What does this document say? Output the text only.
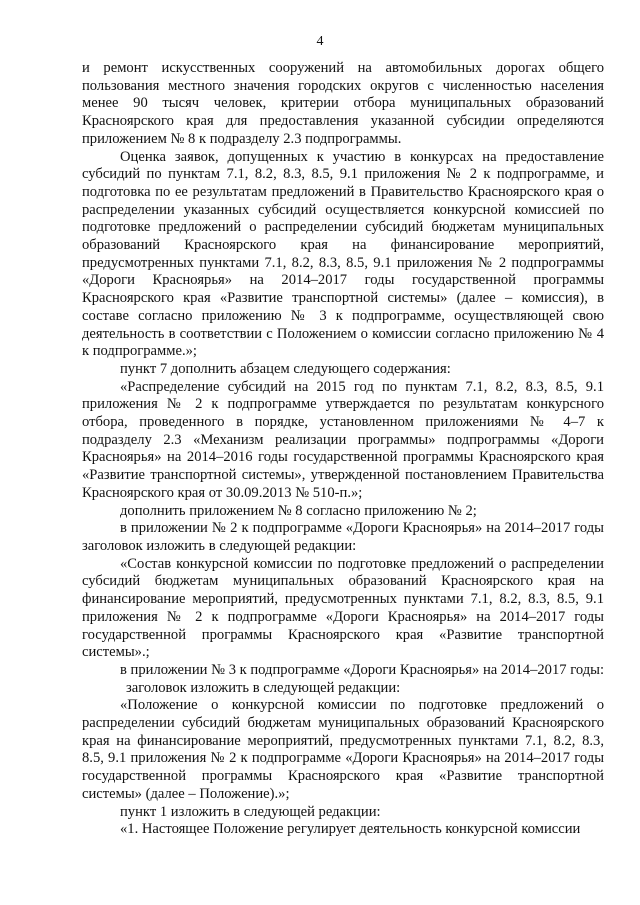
4

и ремонт искусственных сооружений на автомобильных дорогах общего пользования местного значения городских округов с численностью населения менее 90 тысяч человек, критерии отбора муниципальных образований Красноярского края для предоставления указанной субсидии определяются приложением № 8 к подразделу 2.3 подпрограммы.

Оценка заявок, допущенных к участию в конкурсах на предоставление субсидий по пунктам 7.1, 8.2, 8.3, 8.5, 9.1 приложения № 2 к подпрограмме, и подготовка по ее результатам предложений в Правительство Красноярского края о распределении указанных субсидий осуществляется конкурсной комиссией по подготовке предложений о распределении субсидий бюджетам муниципальных образований Красноярского края на финансирование мероприятий, предусмотренных пунктами 7.1, 8.2, 8.3, 8.5, 9.1 приложения № 2 подпрограммы «Дороги Красноярья» на 2014–2017 годы государственной программы Красноярского края «Развитие транспортной системы» (далее – комиссия), в составе согласно приложению № 3 к подпрограмме, осуществляющей свою деятельность в соответствии с Положением о комиссии согласно приложению № 4 к подпрограмме.»;

пункт 7 дополнить абзацем следующего содержания:

«Распределение субсидий на 2015 год по пунктам 7.1, 8.2, 8.3, 8.5, 9.1 приложения № 2 к подпрограмме утверждается по результатам конкурсного отбора, проведенного в порядке, установленном приложениями № 4–7 к подразделу 2.3 «Механизм реализации программы» подпрограммы «Дороги Красноярья» на 2014–2016 годы государственной программы Красноярского края «Развитие транспортной системы», утвержденной постановлением Правительства Красноярского края от 30.09.2013 № 510-п.»;

дополнить приложением № 8 согласно приложению № 2;

в приложении № 2 к подпрограмме «Дороги Красноярья» на 2014–2017 годы заголовок изложить в следующей редакции:

«Состав конкурсной комиссии по подготовке предложений о распределении субсидий бюджетам муниципальных образований Красноярского края на финансирование мероприятий, предусмотренных пунктами 7.1, 8.2, 8.3, 8.5, 9.1 приложения № 2 к подпрограмме «Дороги Красноярья» на 2014–2017 годы государственной программы Красноярского края «Развитие транспортной системы».;

в приложении № 3 к подпрограмме «Дороги Красноярья» на 2014–2017 годы:

заголовок изложить в следующей редакции:

«Положение о конкурсной комиссии по подготовке предложений о распределении субсидий бюджетам муниципальных образований Красноярского края на финансирование мероприятий, предусмотренных пунктами 7.1, 8.2, 8.3, 8.5, 9.1 приложения № 2 к подпрограмме «Дороги Красноярья» на 2014–2017 годы государственной программы Красноярского края «Развитие транспортной системы» (далее – Положение).»;

пункт 1 изложить в следующей редакции:

«1. Настоящее Положение регулирует деятельность конкурсной комиссии
